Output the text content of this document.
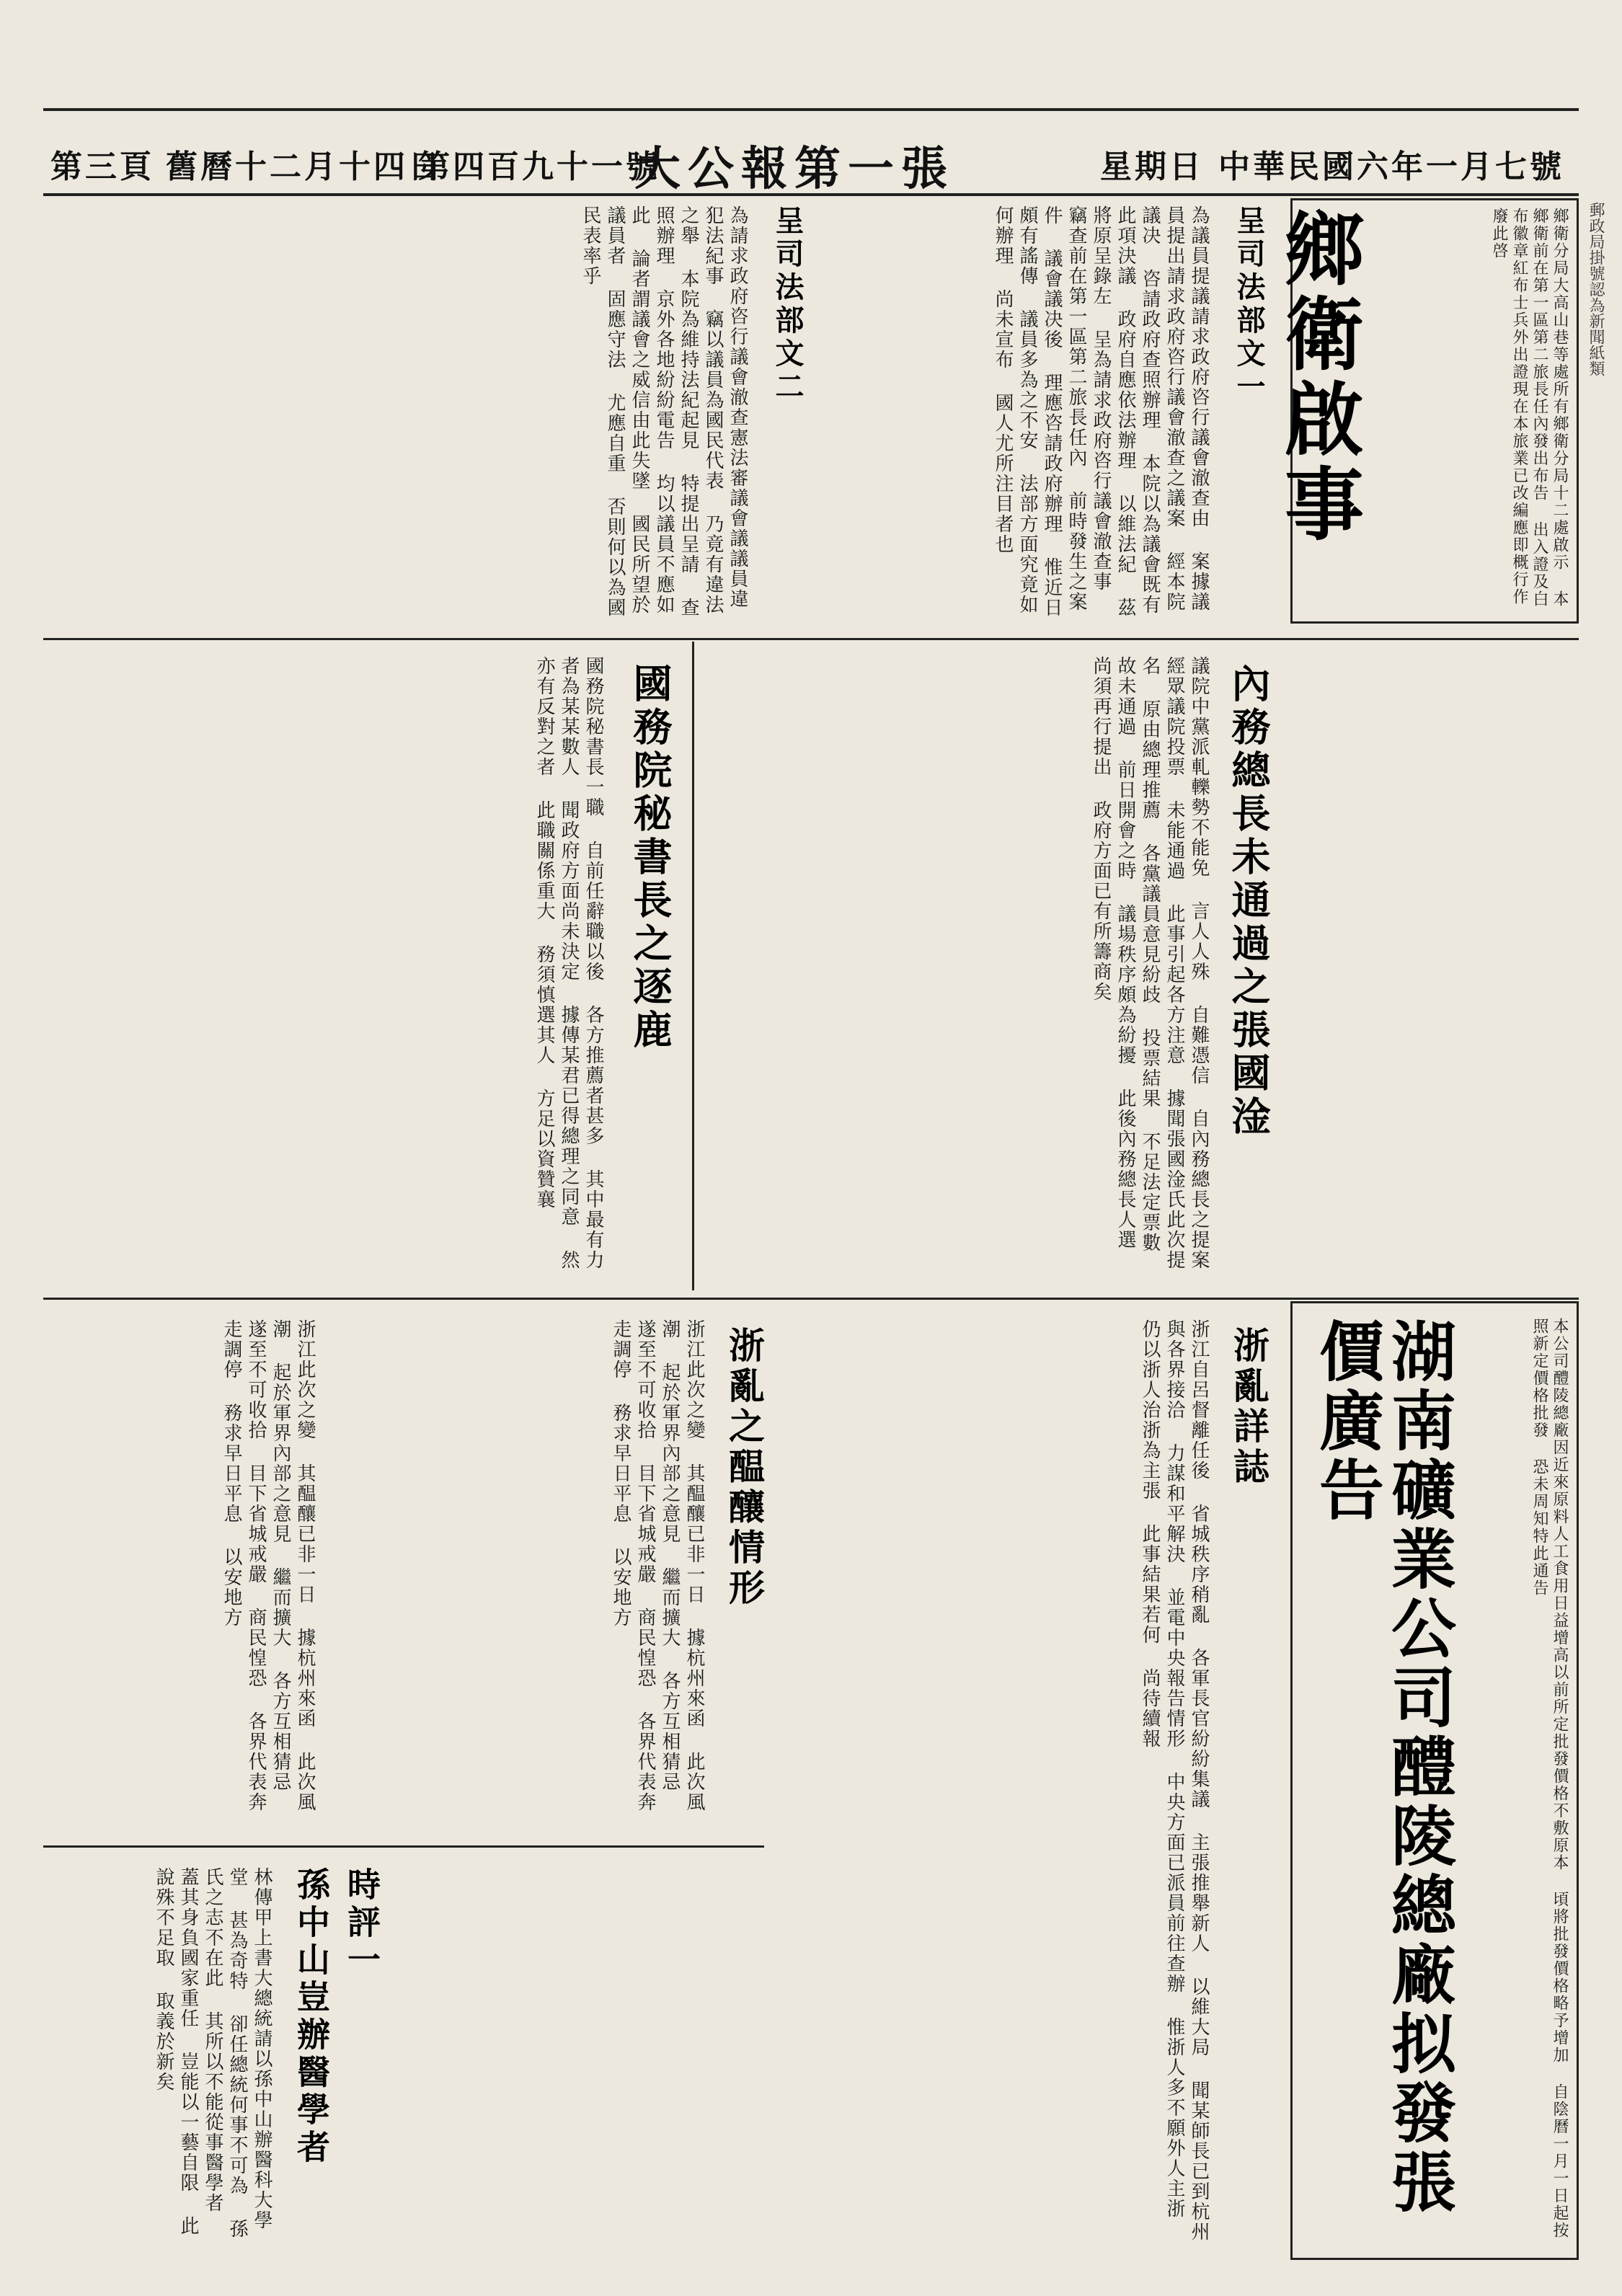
中華民國六年一月七號
星期日
大公報第一張
第四百九十一號
舊曆十二月十四日
第三頁
郵政局掛號認為新聞紙類
鄉衛啟事	鄉衛分局大高山巷等處所有鄉衛分局十二處啟示 本鄉衛前在第一區第二旅長任內發出布告 出入證及白布徽章紅布士兵外出證現在本旅業已改編應即概行作廢此啓
呈司法部文一
為議員提議請求政府咨行議會澈查由 案據議員提出請求政府咨行議會澈查之議案 經本院議决 咨請政府查照辦理 本院以為議會既有此項決議 政府自應依法辦理 以維法紀 茲將原呈錄左 呈為請求政府咨行議會澈查事 竊查前在第一區第二旅長任內 前時發生之案件 議會議决後 理應咨請政府辦理 惟近日頗有謠傳 議員多為之不安 法部方面究竟如何辦理 尚未宣布 國人尤所注目者也
呈司法部文二
為請求政府咨行議會澈查憲法審議會議議員違犯法紀事 竊以議員為國民代表 乃竟有違法之舉 本院為維持法紀起見 特提出呈請 查照辦理 京外各地紛紛電告 均以議員不應如此 論者謂議會之威信由此失墜 國民所望於議員者 固應守法 尤應自重 否則何以為國民表率乎
內務總長未通過之張國淦
議院中黨派軋轢勢不能免 言人人殊 自難憑信 自內務總長之提案 經眾議院投票 未能通過 此事引起各方注意 據聞張國淦氏此次提名 原由總理推薦 各黨議員意見紛歧 投票結果 不足法定票數 故未通過 前日開會之時 議場秩序頗為紛擾 此後內務總長人選 尚須再行提出 政府方面已有所籌商矣
國務院秘書長之逐鹿
國務院秘書長一職 自前任辭職以後 各方推薦者甚多 其中最有力者為某某數人 聞政府方面尚未決定 據傳某君已得總理之同意 然亦有反對之者 此職關係重大 務須慎選其人 方足以資贊襄
湖南礦業公司醴陵總廠拟發張價廣告	本公司醴陵總廠因近來原料人工食用日益增高以前所定批發價格不敷原本 頃將批發價格略予增加 自陰曆一月一日起按照新定價格批發 恐未周知特此通告
浙亂詳誌
浙江自呂督離任後 省城秩序稍亂 各軍長官紛紛集議 主張推舉新人 以維大局 聞某師長已到杭州 與各界接洽 力謀和平解決 並電中央報告情形 中央方面已派員前往查辦 惟浙人多不願外人主浙 仍以浙人治浙為主張 此事結果若何 尚待續報
浙亂之醖釀情形
浙江此次之變 其醖釀已非一日 據杭州來函 此次風潮 起於軍界內部之意見 繼而擴大 各方互相猜忌 遂至不可收拾 目下省城戒嚴 商民惶恐 各界代表奔走調停 務求早日平息 以安地方
時評一
孫中山豈辦醫學者
林傳甲上書大總統請以孫中山辦醫科大學堂 甚為奇特 卻任總統何事不可為 孫氏之志不在此 其所以不能從事醫學者 蓋其身負國家重任 豈能以一藝自限 此說殊不足取 取義於新矣
浙江此次之變 其醖釀已非一日 據杭州來函 此次風潮 起於軍界內部之意見 繼而擴大 各方互相猜忌 遂至不可收拾 目下省城戒嚴 商民惶恐 各界代表奔走調停 務求早日平息 以安地方
